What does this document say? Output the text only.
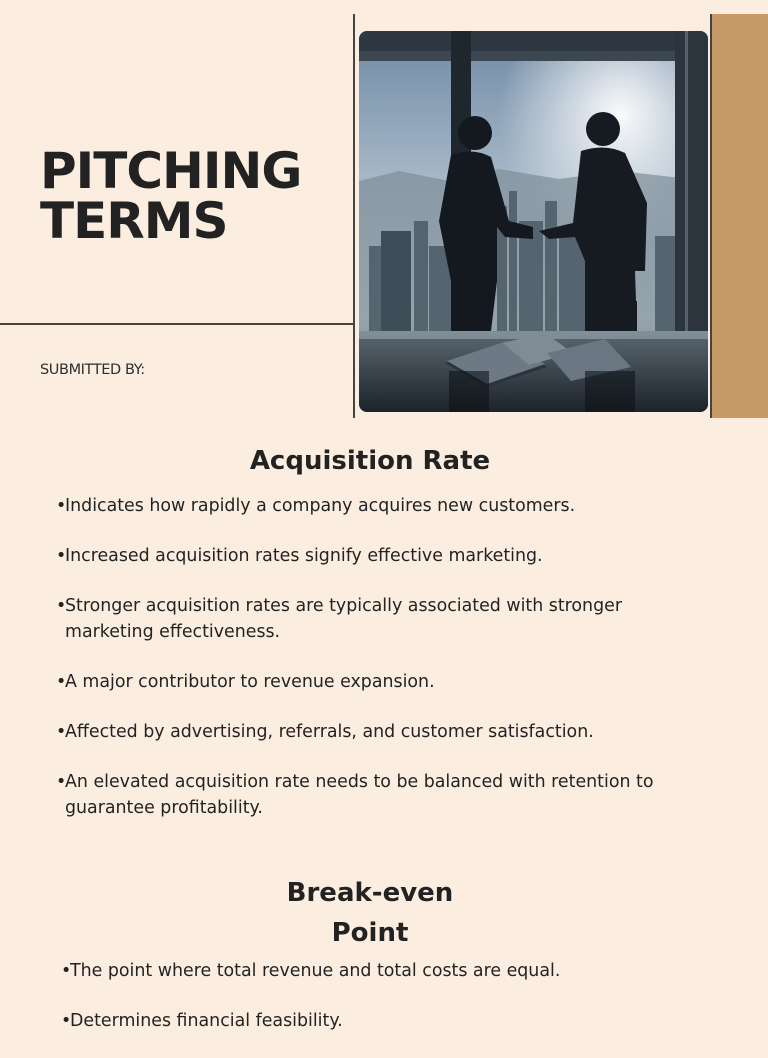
PITCHING
TERMS
SUBMITTED BY:
Acquisition Rate
•
Indicates how rapidly a company acquires new customers.
•
Increased acquisition rates signify effective marketing.
•
Stronger acquisition rates are typically associated with stronger marketing effectiveness.
•
A major contributor to revenue expansion.
•
Affected by advertising, referrals, and customer satisfaction.
•
An elevated acquisition rate needs to be balanced with retention to guarantee profitability.
Break-even
Point
•
The point where total revenue and total costs are equal.
•
Determines financial feasibility.
